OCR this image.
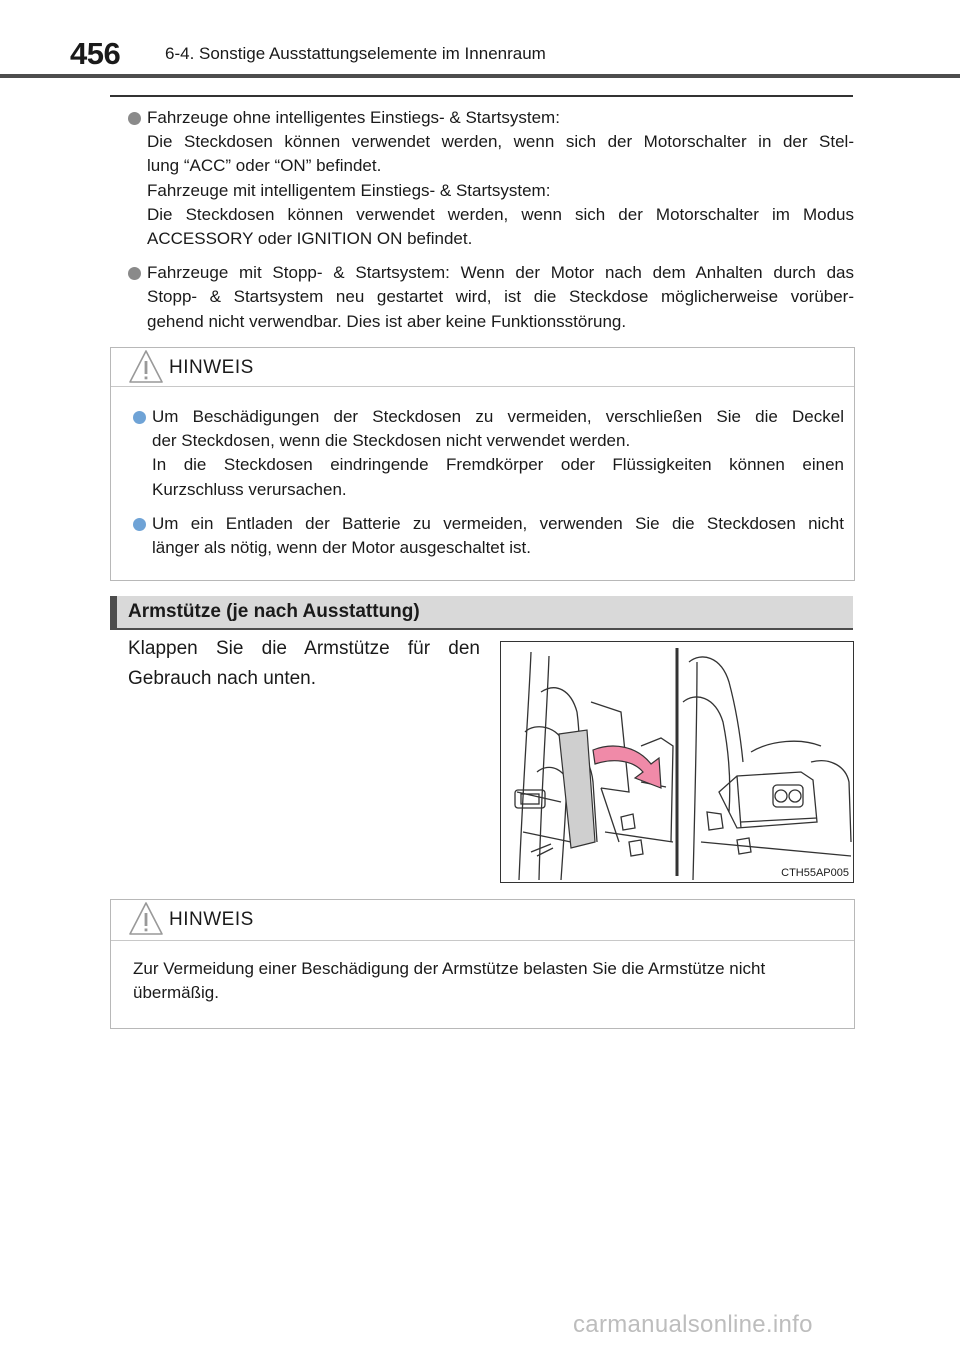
456	6-4. Sonstige Ausstattungselemente im Innenraum
Fahrzeuge ohne intelligentes Einstiegs- & Startsystem:
Die Steckdosen können verwendet werden, wenn sich der Motorschalter in der Stel-
lung “ACC” oder “ON” befindet.
Fahrzeuge mit intelligentem Einstiegs- & Startsystem:
Die Steckdosen können verwendet werden, wenn sich der Motorschalter im Modus
ACCESSORY oder IGNITION ON befindet.
Fahrzeuge mit Stopp- & Startsystem: Wenn der Motor nach dem Anhalten durch das
Stopp- & Startsystem neu gestartet wird, ist die Steckdose möglicherweise vorüber-
gehend nicht verwendbar. Dies ist aber keine Funktionsstörung.
HINWEIS
Um Beschädigungen der Steckdosen zu vermeiden, verschließen Sie die Deckel
der Steckdosen, wenn die Steckdosen nicht verwendet werden.
In die Steckdosen eindringende Fremdkörper oder Flüssigkeiten können einen
Kurzschluss verursachen.
Um ein Entladen der Batterie zu vermeiden, verwenden Sie die Steckdosen nicht
länger als nötig, wenn der Motor ausgeschaltet ist.
Armstütze (je nach Ausstattung)
Klappen Sie die Armstütze für den
Gebrauch nach unten.
CTH55AP005
HINWEIS
Zur Vermeidung einer Beschädigung der Armstütze belasten Sie die Armstütze nicht
übermäßig.
carmanualsonline.info
